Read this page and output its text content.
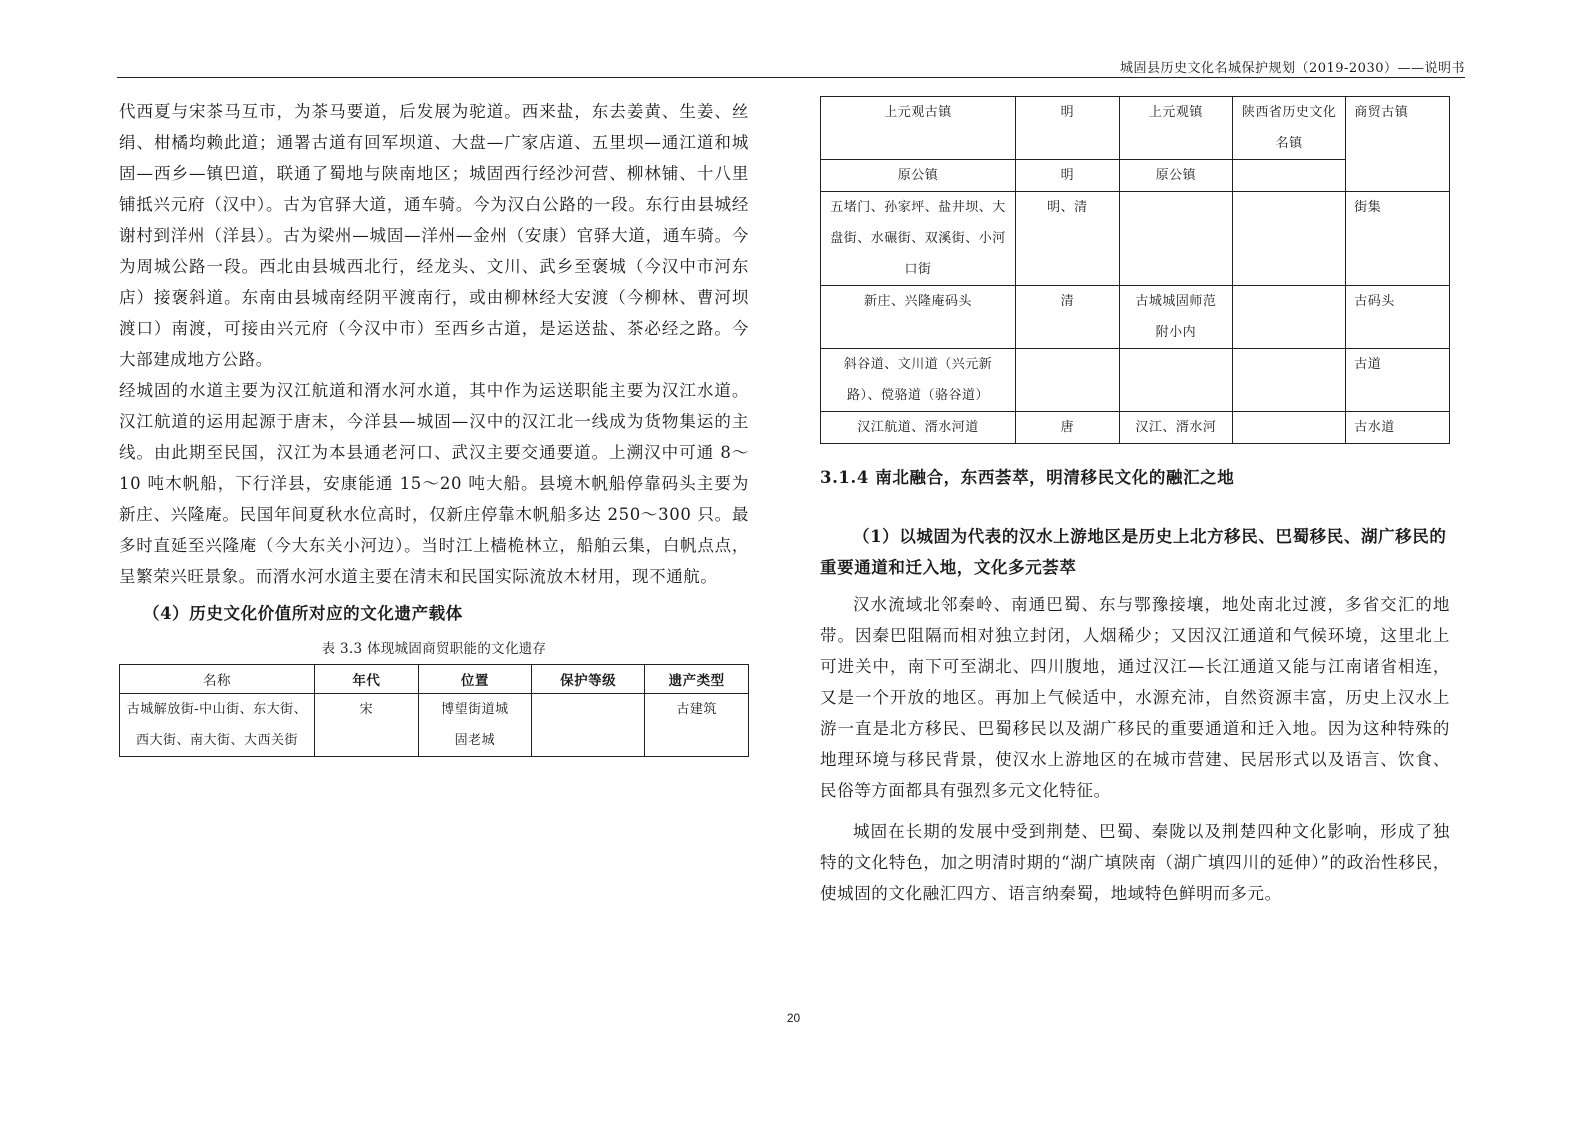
城固县历史文化名城保护规划（2019-2030）——说明书

代西夏与宋茶马互市，为茶马要道，后发展为驼道。西来盐，东去姜黄、生姜、丝绢、柑橘均赖此道；通署古道有回军坝道、大盘—广家店道、五里坝—通江道和城固—西乡—镇巴道，联通了蜀地与陕南地区；城固西行经沙河营、柳林铺、十八里铺抵兴元府（汉中）。古为官驿大道，通车骑。今为汉白公路的一段。东行由县城经谢村到洋州（洋县）。古为梁州—城固—洋州—金州（安康）官驿大道，通车骑。今为周城公路一段。西北由县城西北行，经龙头、文川、武乡至褒城（今汉中市河东店）接褒斜道。东南由县城南经阴平渡南行，或由柳林经大安渡（今柳林、曹河坝渡口）南渡，可接由兴元府（今汉中市）至西乡古道，是运送盐、茶必经之路。今大部建成地方公路。

经城固的水道主要为汉江航道和湑水河水道，其中作为运送职能主要为汉江水道。汉江航道的运用起源于唐末，今洋县—城固—汉中的汉江北一线成为货物集运的主线。由此期至民国，汉江为本县通老河口、武汉主要交通要道。上溯汉中可通 8～10 吨木帆船，下行洋县，安康能通 15～20 吨大船。县境木帆船停靠码头主要为新庄、兴隆庵。民国年间夏秋水位高时，仅新庄停靠木帆船多达 250～300 只。最多时直延至兴隆庵（今大东关小河边）。当时江上樯桅林立，船舶云集，白帆点点，呈繁荣兴旺景象。而湑水河水道主要在清末和民国实际流放木材用，现不通航。

（4）历史文化价值所对应的文化遗产载体

表 3.3 体现城固商贸职能的文化遗存
名称	年代	位置	保护等级	遗产类型
古城解放街-中山街、东大街、西大街、南大街、大西关街	宋	博望街道城固老城		古建筑
上元观古镇	明	上元观镇	陕西省历史文化名镇	商贸古镇
原公镇	明	原公镇		
五堵门、孙家坪、盐井坝、大盘街、水碾街、双溪街、小河口街	明、清			街集
新庄、兴隆庵码头	清	古城城固师范附小内		古码头
斜谷道、文川道（兴元新路）、傥骆道（骆谷道）				古道
汉江航道、湑水河道	唐	汉江、湑水河		古水道

3.1.4 南北融合，东西荟萃，明清移民文化的融汇之地

（1）以城固为代表的汉水上游地区是历史上北方移民、巴蜀移民、湖广移民的重要通道和迁入地，文化多元荟萃

汉水流域北邻秦岭、南通巴蜀、东与鄂豫接壤，地处南北过渡，多省交汇的地带。因秦巴阻隔而相对独立封闭，人烟稀少；又因汉江通道和气候环境，这里北上可进关中，南下可至湖北、四川腹地，通过汉江—长江通道又能与江南诸省相连，又是一个开放的地区。再加上气候适中，水源充沛，自然资源丰富，历史上汉水上游一直是北方移民、巴蜀移民以及湖广移民的重要通道和迁入地。因为这种特殊的地理环境与移民背景，使汉水上游地区的在城市营建、民居形式以及语言、饮食、民俗等方面都具有强烈多元文化特征。

城固在长期的发展中受到荆楚、巴蜀、秦陇以及荆楚四种文化影响，形成了独特的文化特色，加之明清时期的“湖广填陕南（湖广填四川的延伸）”的政治性移民，使城固的文化融汇四方、语言纳秦蜀，地域特色鲜明而多元。

20
